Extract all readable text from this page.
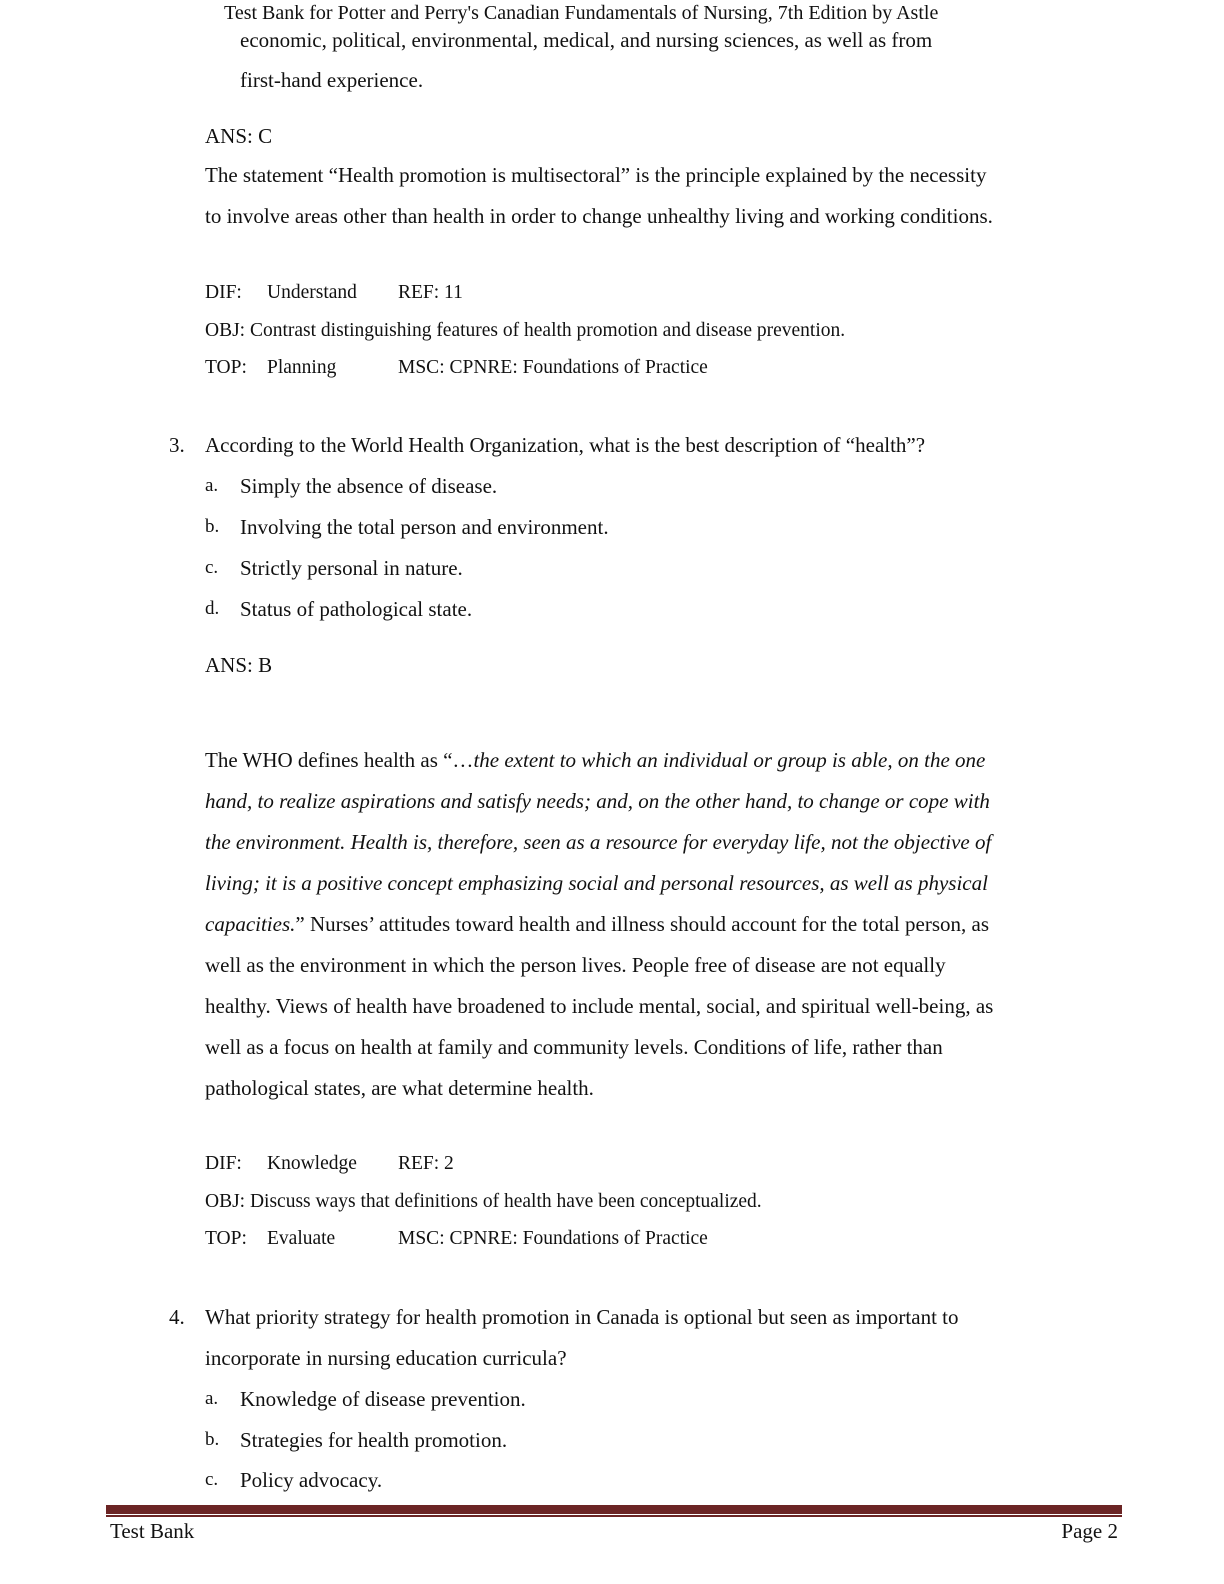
Test Bank for Potter and Perry's Canadian Fundamentals of Nursing, 7th Edition by Astle
economic, political, environmental, medical, and nursing sciences, as well as from
first-hand experience.
ANS: C
The statement “Health promotion is multisectoral” is the principle explained by the necessity
to involve areas other than health in order to change unhealthy living and working conditions.
DIF: Understand REF: 11
OBJ: Contrast distinguishing features of health promotion and disease prevention.
TOP: Planning	MSC: CPNRE: Foundations of Practice
3. According to the World Health Organization, what is the best description of “health”?
a. Simply the absence of disease.
b. Involving the total person and environment.
c. Strictly personal in nature.
d. Status of pathological state.
ANS: B
The WHO defines health as “…the extent to which an individual or group is able, on the one
hand, to realize aspirations and satisfy needs; and, on the other hand, to change or cope with
the environment. Health is, therefore, seen as a resource for everyday life, not the objective of
living; it is a positive concept emphasizing social and personal resources, as well as physical
capacities.” Nurses’ attitudes toward health and illness should account for the total person, as
well as the environment in which the person lives. People free of disease are not equally
healthy. Views of health have broadened to include mental, social, and spiritual well-being, as
well as a focus on health at family and community levels. Conditions of life, rather than
pathological states, are what determine health.
DIF: Knowledge REF: 2
OBJ: Discuss ways that definitions of health have been conceptualized.
TOP: Evaluate	MSC: CPNRE: Foundations of Practice
4. What priority strategy for health promotion in Canada is optional but seen as important to
incorporate in nursing education curricula?
a. Knowledge of disease prevention.
b. Strategies for health promotion.
c. Policy advocacy.
Test Bank	Page 2
